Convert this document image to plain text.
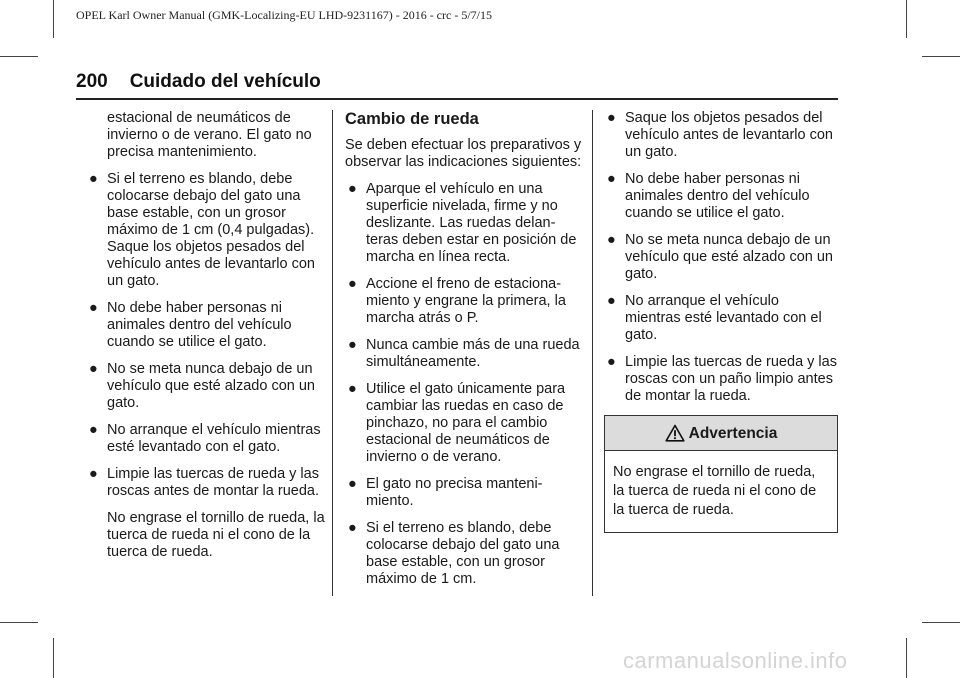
OPEL Karl Owner Manual (GMK-Localizing-EU LHD-9231167) - 2016 - crc - 5/7/15
200 Cuidado del vehículo

estacional de neumáticos de invierno o de verano. El gato no precisa mantenimiento.

● Si el terreno es blando, debe colocarse debajo del gato una base estable, con un grosor máximo de 1 cm (0,4 pulgadas). Saque los objetos pesados del vehículo antes de levantarlo con un gato.
● No debe haber personas ni animales dentro del vehículo cuando se utilice el gato.
● No se meta nunca debajo de un vehículo que esté alzado con un gato.
● No arranque el vehículo mientras esté levantado con el gato.
● Limpie las tuercas de rueda y las roscas antes de montar la rueda.

No engrase el tornillo de rueda, la tuerca de rueda ni el cono de la tuerca de rueda.

Cambio de rueda

Se deben efectuar los preparativos y observar las indicaciones siguientes:

● Aparque el vehículo en una superficie nivelada, firme y no deslizante. Las ruedas delan-teras deben estar en posición de marcha en línea recta.
● Accione el freno de estaciona-miento y engrane la primera, la marcha atrás o P.
● Nunca cambie más de una rueda simultáneamente.
● Utilice el gato únicamente para cambiar las ruedas en caso de pinchazo, no para el cambio estacional de neumáticos de invierno o de verano.
● El gato no precisa manteni-miento.
● Si el terreno es blando, debe colocarse debajo del gato una base estable, con un grosor máximo de 1 cm.
● Saque los objetos pesados del vehículo antes de levantarlo con un gato.
● No debe haber personas ni animales dentro del vehículo cuando se utilice el gato.
● No se meta nunca debajo de un vehículo que esté alzado con un gato.
● No arranque el vehículo mientras esté levantado con el gato.
● Limpie las tuercas de rueda y las roscas con un paño limpio antes de montar la rueda.
Advertencia
No engrase el tornillo de rueda, la tuerca de rueda ni el cono de la tuerca de rueda.
carmanualsonline.info
